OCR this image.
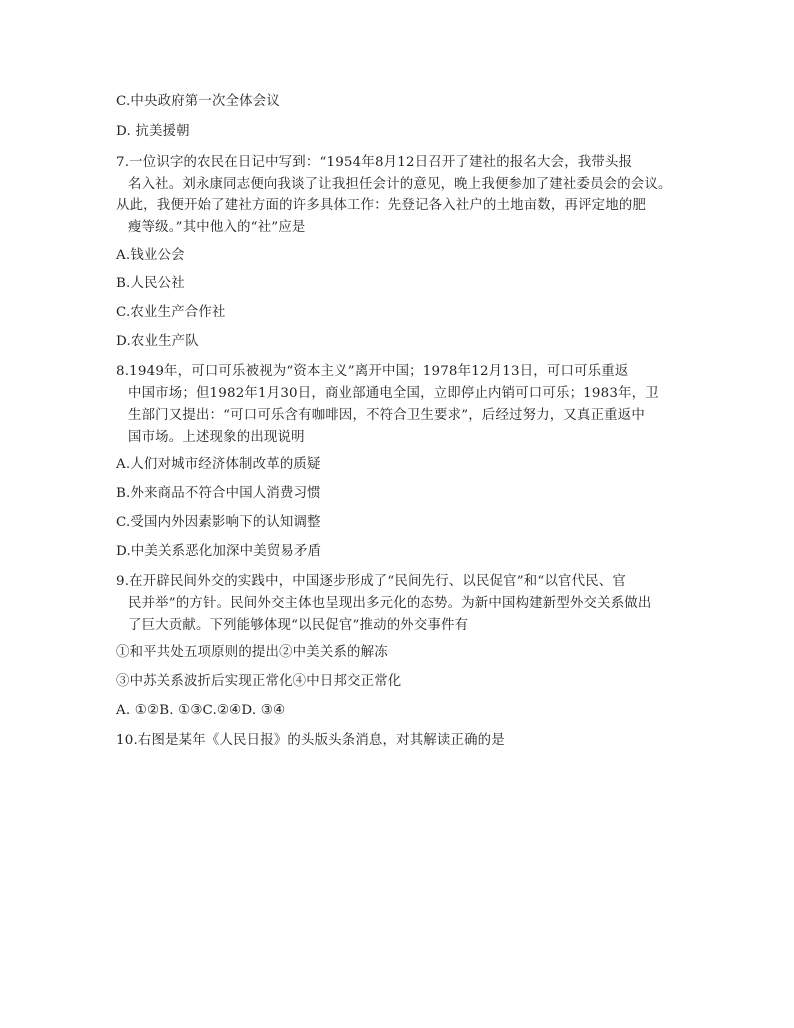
C.中央政府第一次全体会议
D. 抗美援朝
7.一位识字的农民在日记中写到：“1954年8月12日召开了建社的报名大会，我带头报
名入社。刘永康同志便向我谈了让我担任会计的意见，晚上我便参加了建社委员会的会议。
从此，我便开始了建社方面的许多具体工作：先登记各入社户的土地亩数，再评定地的肥
瘦等级。”其中他入的“社”应是
A.钱业公会
B.人民公社
C.农业生产合作社
D.农业生产队
8.1949年，可口可乐被视为“资本主义”离开中国；1978年12月13日，可口可乐重返
中国市场；但1982年1月30日，商业部通电全国，立即停止内销可口可乐；1983年，卫
生部门又提出：“可口可乐含有咖啡因，不符合卫生要求”，后经过努力，又真正重返中
国市场。上述现象的出现说明
A.人们对城市经济体制改革的质疑
B.外来商品不符合中国人消费习惯
C.受国内外因素影响下的认知调整
D.中美关系恶化加深中美贸易矛盾
9.在开辟民间外交的实践中，中国逐步形成了“民间先行、以民促官”和“以官代民、官
民并举”的方针。民间外交主体也呈现出多元化的态势。为新中国构建新型外交关系做出
了巨大贡献。下列能够体现“以民促官”推动的外交事件有
①和平共处五项原则的提出②中美关系的解冻
③中苏关系波折后实现正常化④中日邦交正常化
A. ①②B. ①③C.②④D. ③④
10.右图是某年《人民日报》的头版头条消息，对其解读正确的是
